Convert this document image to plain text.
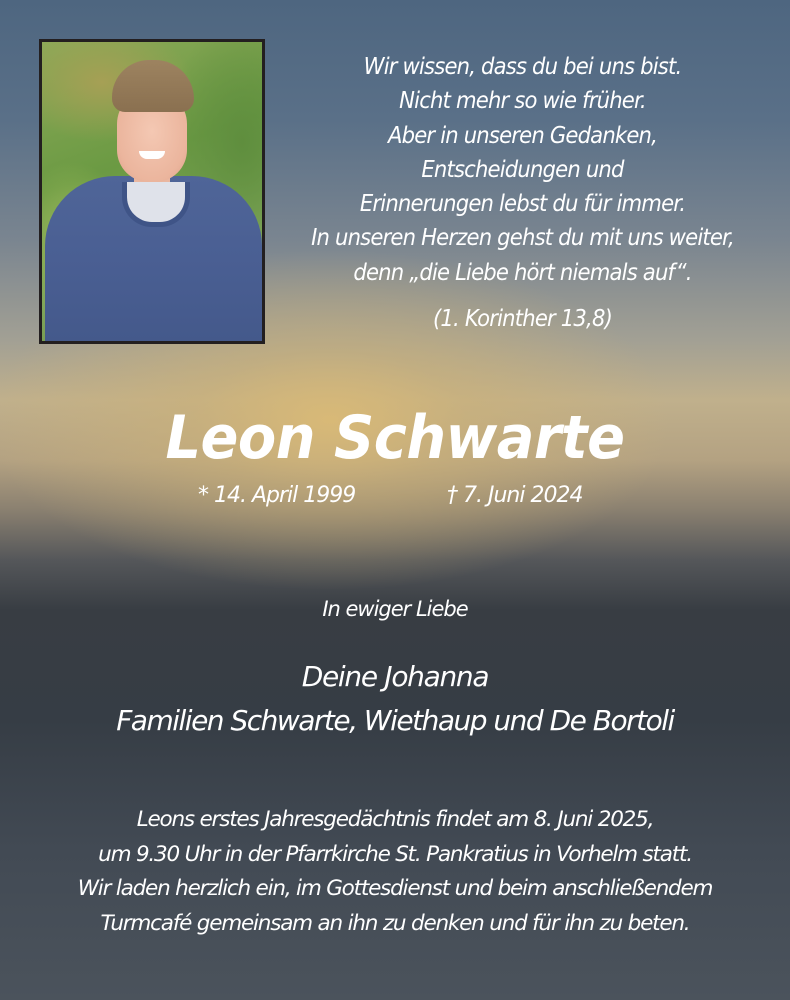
Wir wissen, dass du bei uns bist.
Nicht mehr so wie früher.
Aber in unseren Gedanken,
Entscheidungen und
Erinnerungen lebst du für immer.
In unseren Herzen gehst du mit uns weiter,
denn „die Liebe hört niemals auf“.
(1. Korinther 13,8)
Leon Schwarte
* 14. April 1999	† 7. Juni 2024
In ewiger Liebe
Deine Johanna
Familien Schwarte, Wiethaup und De Bortoli
Leons erstes Jahresgedächtnis findet am 8. Juni 2025,
um 9.30 Uhr in der Pfarrkirche St. Pankratius in Vorhelm statt.
Wir laden herzlich ein, im Gottesdienst und beim anschließendem
Turmcafé gemeinsam an ihn zu denken und für ihn zu beten.
